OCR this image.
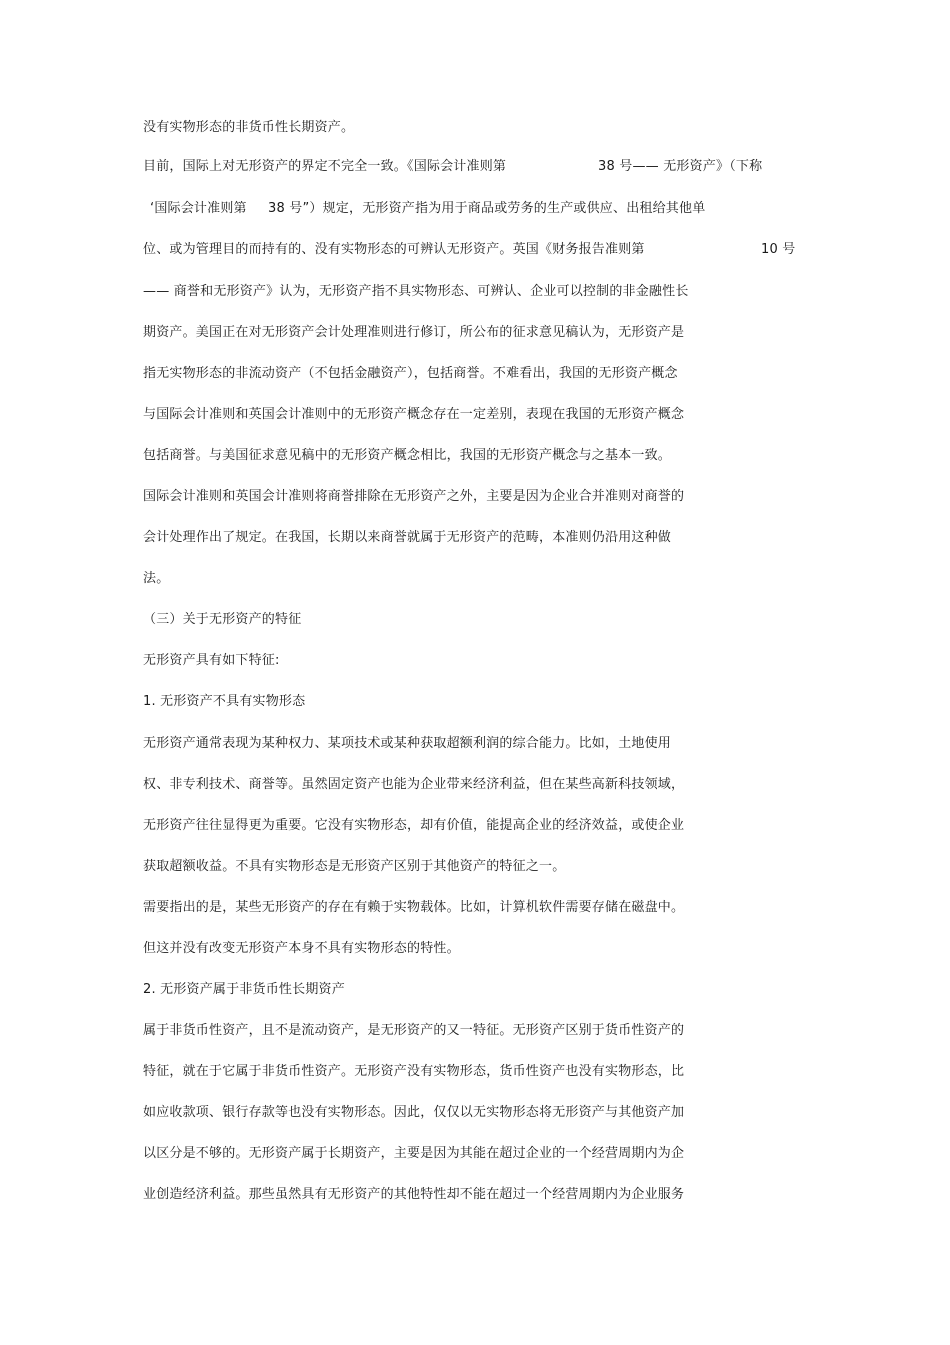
没有实物形态的非货币性长期资产。
目前，国际上对无形资产的界定不完全一致。《国际会计准则第	38 号—— 无形资产》（下称
‘国际会计准则第 38 号”）规定，无形资产指为用于商品或劳务的生产或供应、出租给其他单
位、或为管理目的而持有的、没有实物形态的可辨认无形资产。英国《财务报告准则第	10 号
—— 商誉和无形资产》认为，无形资产指不具实物形态、可辨认、企业可以控制的非金融性长
期资产。美国正在对无形资产会计处理准则进行修订，所公布的征求意见稿认为，无形资产是
指无实物形态的非流动资产（不包括金融资产），包括商誉。不难看出，我国的无形资产概念
与国际会计准则和英国会计准则中的无形资产概念存在一定差别，表现在我国的无形资产概念
包括商誉。与美国征求意见稿中的无形资产概念相比，我国的无形资产概念与之基本一致。
国际会计准则和英国会计准则将商誉排除在无形资产之外，主要是因为企业合并准则对商誉的
会计处理作出了规定。在我国，长期以来商誉就属于无形资产的范畴，本准则仍沿用这种做
法。
（三）关于无形资产的特征
无形资产具有如下特征:
1. 无形资产不具有实物形态
无形资产通常表现为某种权力、某项技术或某种获取超额利润的综合能力。比如，土地使用
权、非专利技术、商誉等。虽然固定资产也能为企业带来经济利益，但在某些高新科技领域，
无形资产往往显得更为重要。它没有实物形态，却有价值，能提高企业的经济效益，或使企业
获取超额收益。不具有实物形态是无形资产区别于其他资产的特征之一。
需要指出的是，某些无形资产的存在有赖于实物载体。比如，计算机软件需要存储在磁盘中。
但这并没有改变无形资产本身不具有实物形态的特性。
2. 无形资产属于非货币性长期资产
属于非货币性资产，且不是流动资产，是无形资产的又一特征。无形资产区别于货币性资产的
特征，就在于它属于非货币性资产。无形资产没有实物形态，货币性资产也没有实物形态，比
如应收款项、银行存款等也没有实物形态。因此，仅仅以无实物形态将无形资产与其他资产加
以区分是不够的。无形资产属于长期资产，主要是因为其能在超过企业的一个经营周期内为企
业创造经济利益。那些虽然具有无形资产的其他特性却不能在超过一个经营周期内为企业服务
